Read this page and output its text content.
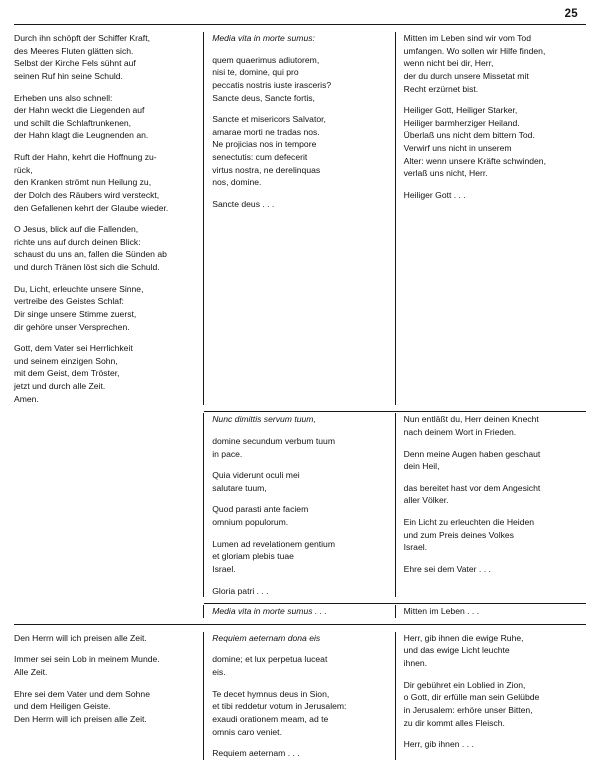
25

Durch ihn schöpft der Schiffer Kraft,
des Meeres Fluten glätten sich.
Selbst der Kirche Fels sühnt auf
seinen Ruf hin seine Schuld.

Erheben uns also schnell:
der Hahn weckt die Liegenden auf
und schilt die Schlaftrunkenen,
der Hahn klagt die Leugnenden an.

Ruft der Hahn, kehrt die Hoffnung zu-
rück,
den Kranken strömt nun Heilung zu,
der Dolch des Räubers wird versteckt,
den Gefallenen kehrt der Glaube wieder.

O Jesus, blick auf die Fallenden,
richte uns auf durch deinen Blick:
schaust du uns an, fallen die Sünden ab
und durch Tränen löst sich die Schuld.

Du, Licht, erleuchte unsere Sinne,
vertreibe des Geistes Schlaf:
Dir singe unsere Stimme zuerst,
dir gehöre unser Versprechen.

Gott, dem Vater sei Herrlichkeit
und seinem einzigen Sohn,
mit dem Geist, dem Tröster,
jetzt und durch alle Zeit.
Amen.

Media vita in morte sumus:

quem quaerimus adiutorem,
nisi te, domine, qui pro
peccatis nostris iuste irasceris?
Sancte deus, Sancte fortis,

Sancte et misericors Salvator,
amarae morti ne tradas nos.
Ne projicias nos in tempore
senectutis: cum defecerit
virtus nostra, ne derelinquas
nos, domine.

Sancte deus . . .

Mitten im Leben sind wir vom Tod
umfangen. Wo sollen wir Hilfe finden,
wenn nicht bei dir, Herr,
der du durch unsere Missetat mit
Recht erzürnet bist.

Heiliger Gott, Heiliger Starker,
Heiliger barmherziger Heiland.
Überlaß uns nicht dem bittern Tod.
Verwirf uns nicht in unserem
Alter: wenn unsere Kräfte schwinden,
verlaß uns nicht, Herr.

Heiliger Gott . . .

Nunc dimittis servum tuum,

domine secundum verbum tuum
in pace.

Quia viderunt oculi mei
salutare tuum,

Quod parasti ante faciem
omnium populorum.

Lumen ad revelationem gentium
et gloriam plebis tuae
Israel.

Gloria patri . . .

Nun entläßt du, Herr deinen Knecht
nach deinem Wort in Frieden.

Denn meine Augen haben geschaut
dein Heil,

das bereitet hast vor dem Angesicht
aller Völker.

Ein Licht zu erleuchten die Heiden
und zum Preis deines Volkes
Israel.

Ehre sei dem Vater . . .

Media vita in morte sumus . . .	Mitten im Leben . . .

Den Herrn will ich preisen alle Zeit.

Immer sei sein Lob in meinem Munde.
Alle Zeit.

Ehre sei dem Vater und dem Sohne
und dem Heiligen Geiste.
Den Herrn will ich preisen alle Zeit.

Requiem aeternam dona eis

domine; et lux perpetua luceat
eis.

Te decet hymnus deus in Sion,
et tibi reddetur votum in Jerusalem:
exaudi orationem meam, ad te
omnis caro veniet.

Requiem aeternam . . .

Herr, gib ihnen die ewige Ruhe,
und das ewige Licht leuchte
ihnen.

Dir gebühret ein Loblied in Zion,
o Gott, dir erfülle man sein Gelübde
in Jerusalem: erhöre unser Bitten,
zu dir kommt alles Fleisch.

Herr, gib ihnen . . .
